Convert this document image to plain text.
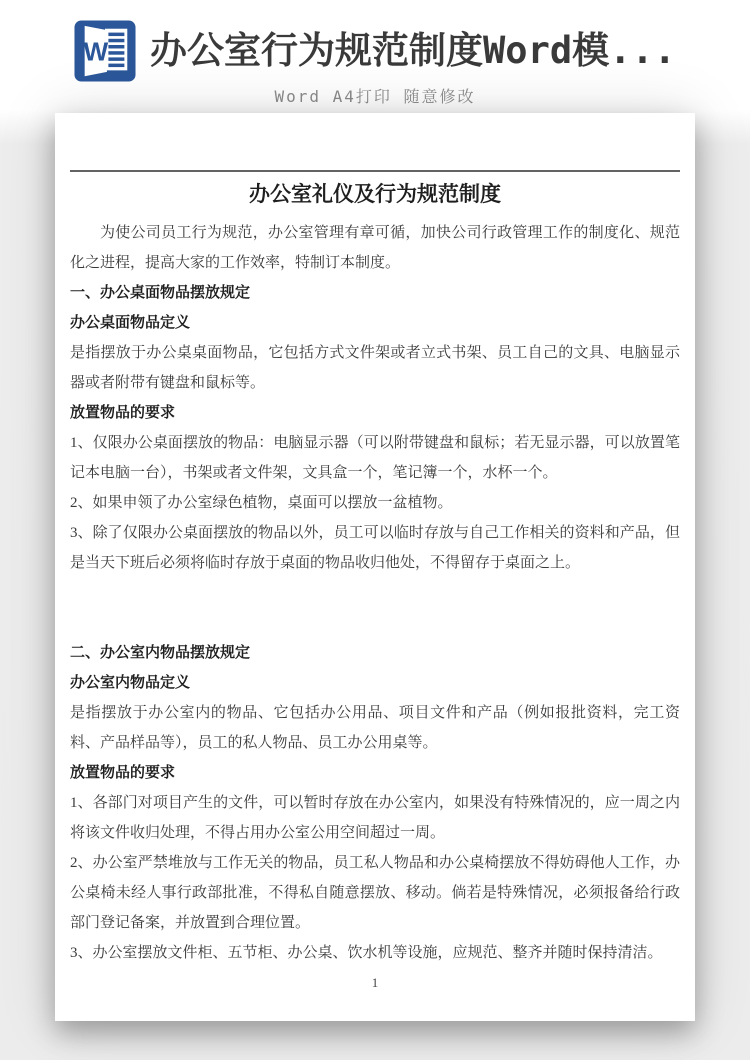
W 办公室行为规范制度Word模...
Word A4打印 随意修改
办公室礼仪及行为规范制度

为使公司员工行为规范，办公室管理有章可循，加快公司行政管理工作的制度化、规范化之进程，提高大家的工作效率，特制订本制度。

一、办公桌面物品摆放规定
办公桌面物品定义

是指摆放于办公桌桌面物品，它包括方式文件架或者立式书架、员工自己的文具、电脑显示器或者附带有键盘和鼠标等。

放置物品的要求

1、仅限办公桌面摆放的物品：电脑显示器（可以附带键盘和鼠标；若无显示器，可以放置笔记本电脑一台），书架或者文件架，文具盒一个，笔记簿一个，水杯一个。

2、如果申领了办公室绿色植物，桌面可以摆放一盆植物。

3、除了仅限办公桌面摆放的物品以外，员工可以临时存放与自己工作相关的资料和产品，但是当天下班后必须将临时存放于桌面的物品收归他处，不得留存于桌面之上。

二、办公室内物品摆放规定
办公室内物品定义

是指摆放于办公室内的物品、它包括办公用品、项目文件和产品（例如报批资料，完工资料、产品样品等），员工的私人物品、员工办公用桌等。

放置物品的要求

1、各部门对项目产生的文件，可以暂时存放在办公室内，如果没有特殊情况的，应一周之内将该文件收归处理，不得占用办公室公用空间超过一周。

2、办公室严禁堆放与工作无关的物品，员工私人物品和办公桌椅摆放不得妨碍他人工作，办公桌椅未经人事行政部批准，不得私自随意摆放、移动。倘若是特殊情况，必须报备给行政部门登记备案，并放置到合理位置。

3、办公室摆放文件柜、五节柜、办公桌、饮水机等设施，应规范、整齐并随时保持清洁。

1
